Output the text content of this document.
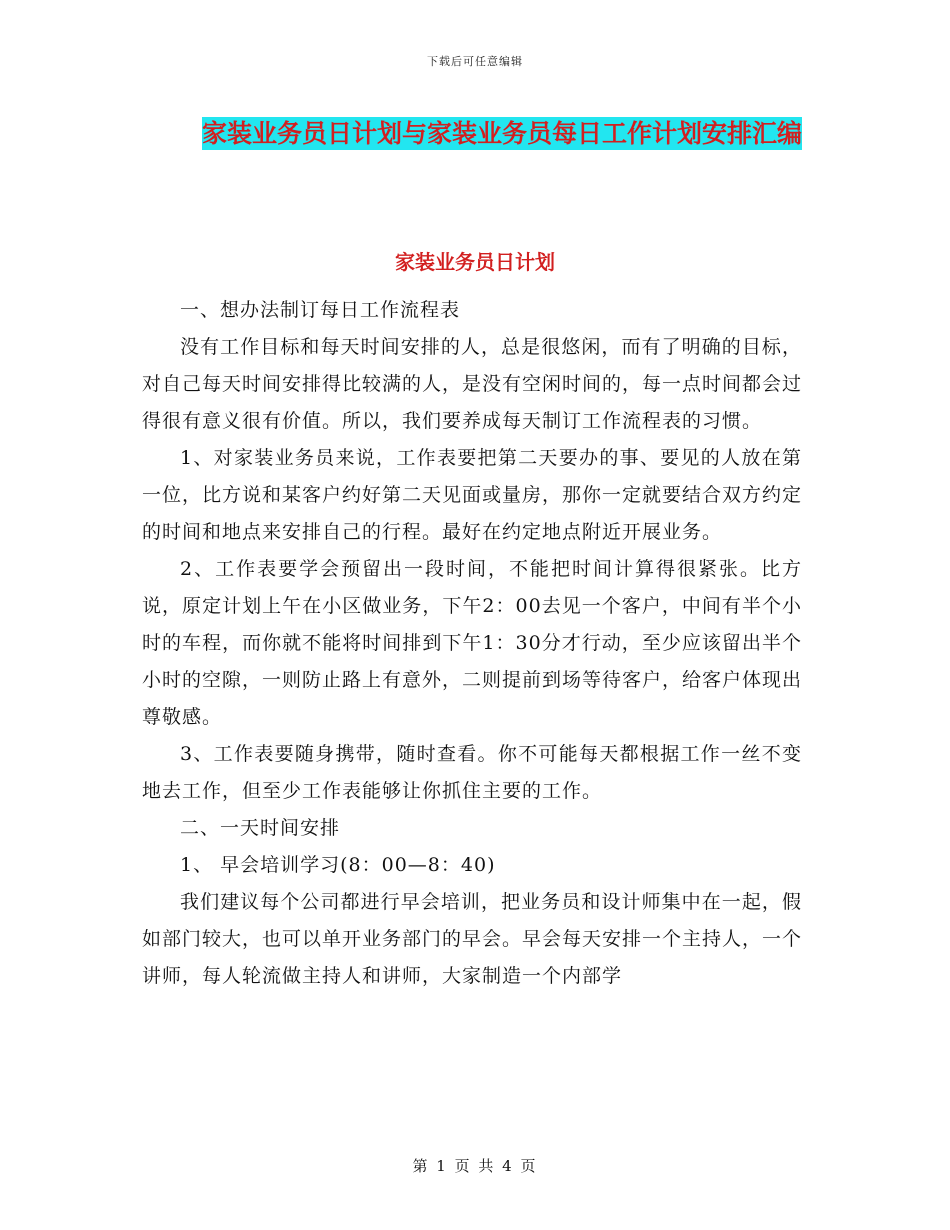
下载后可任意编辑
家装业务员日计划与家装业务员每日工作计划安排汇编
家装业务员日计划

一、想办法制订每日工作流程表

没有工作目标和每天时间安排的人，总是很悠闲，而有了明确的目标，对自己每天时间安排得比较满的人，是没有空闲时间的，每一点时间都会过得很有意义很有价值。所以，我们要养成每天制订工作流程表的习惯。

1、对家装业务员来说，工作表要把第二天要办的事、要见的人放在第一位，比方说和某客户约好第二天见面或量房，那你一定就要结合双方约定的时间和地点来安排自己的行程。最好在约定地点附近开展业务。

2、工作表要学会预留出一段时间，不能把时间计算得很紧张。比方说，原定计划上午在小区做业务，下午2：00去见一个客户，中间有半个小时的车程，而你就不能将时间排到下午1：30分才行动，至少应该留出半个小时的空隙，一则防止路上有意外，二则提前到场等待客户，给客户体现出尊敬感。

3、工作表要随身携带，随时查看。你不可能每天都根据工作一丝不变地去工作，但至少工作表能够让你抓住主要的工作。

二、一天时间安排

1、 早会培训学习(8：00—8：40)

我们建议每个公司都进行早会培训，把业务员和设计师集中在一起，假如部门较大，也可以单开业务部门的早会。早会每天安排一个主持人，一个讲师，每人轮流做主持人和讲师，大家制造一个内部学

第 1 页 共 4 页
